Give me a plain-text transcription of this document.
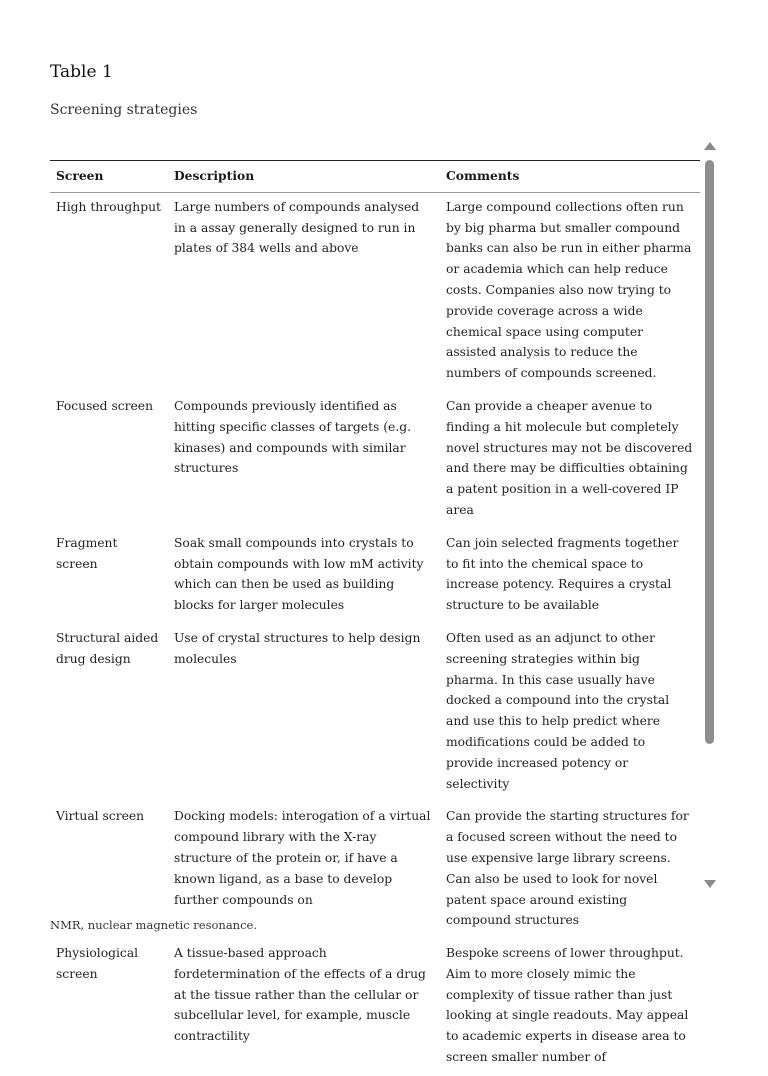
Table 1
Screening strategies
Screen	Description	Comments
High throughput	Large numbers of compounds analysed in a assay generally designed to run in plates of 384 wells and above	Large compound collections often run by big pharma but smaller compound banks can also be run in either pharma or academia which can help reduce costs. Companies also now trying to provide coverage across a wide chemical space using computer assisted analysis to reduce the numbers of compounds screened.
Focused screen	Compounds previously identified as hitting specific classes of targets (e.g. kinases) and compounds with similar structures	Can provide a cheaper avenue to finding a hit molecule but completely novel structures may not be discovered and there may be difficulties obtaining a patent position in a well-covered IP area
Fragment screen	Soak small compounds into crystals to obtain compounds with low mM activity which can then be used as building blocks for larger molecules	Can join selected fragments together to fit into the chemical space to increase potency. Requires a crystal structure to be available
Structural aided drug design	Use of crystal structures to help design molecules	Often used as an adjunct to other screening strategies within big pharma. In this case usually have docked a compound into the crystal and use this to help predict where modifications could be added to provide increased potency or selectivity
Virtual screen	Docking models: interogation of a virtual compound library with the X-ray structure of the protein or, if have a known ligand, as a base to develop further compounds on	Can provide the starting structures for a focused screen without the need to use expensive large library screens. Can also be used to look for novel patent space around existing compound structures
Physiological screen	A tissue-based approach fordetermination of the effects of a drug at the tissue rather than the cellular or subcellular level, for example, muscle contractility	Bespoke screens of lower throughput. Aim to more closely mimic the complexity of tissue rather than just looking at single readouts. May appeal to academic experts in disease area to screen smaller number of

NMR, nuclear magnetic resonance.
